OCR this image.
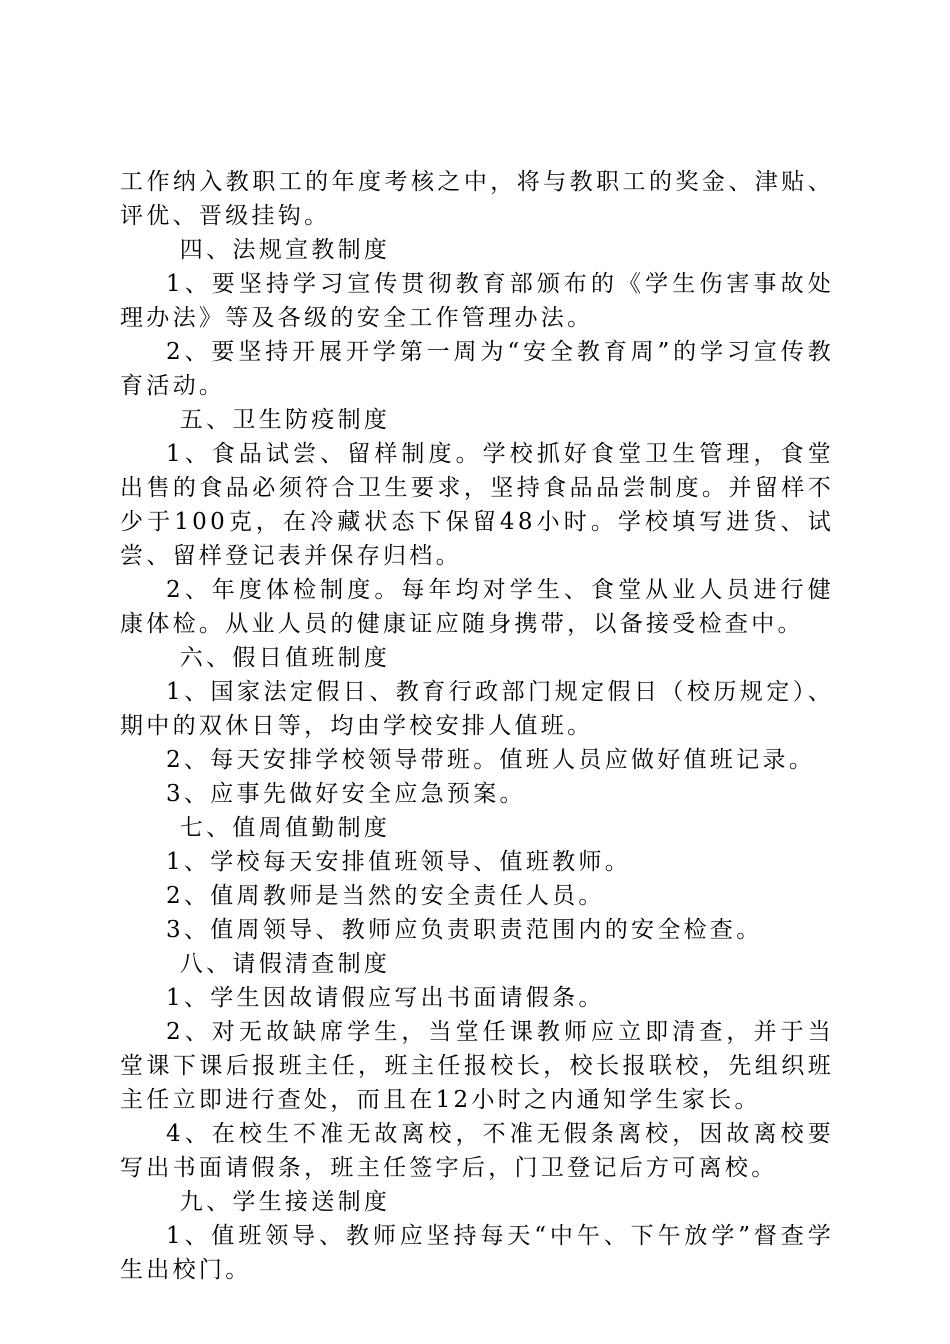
工作纳入教职工的年度考核之中，将与教职工的奖金、津贴、评优、晋级挂钩。

四、法规宣教制度

1、要坚持学习宣传贯彻教育部颁布的《学生伤害事故处理办法》等及各级的安全工作管理办法。

2、要坚持开展开学第一周为“安全教育周”的学习宣传教育活动。

五、卫生防疫制度

1、食品试尝、留样制度。学校抓好食堂卫生管理，食堂出售的食品必须符合卫生要求，坚持食品品尝制度。并留样不少于100克，在冷藏状态下保留48小时。学校填写进货、试尝、留样登记表并保存归档。

2、年度体检制度。每年均对学生、食堂从业人员进行健康体检。从业人员的健康证应随身携带，以备接受检查中。

六、假日值班制度

1、国家法定假日、教育行政部门规定假日（校历规定）、期中的双休日等，均由学校安排人值班。

2、每天安排学校领导带班。值班人员应做好值班记录。

3、应事先做好安全应急预案。

七、值周值勤制度

1、学校每天安排值班领导、值班教师。

2、值周教师是当然的安全责任人员。

3、值周领导、教师应负责职责范围内的安全检查。

八、请假清查制度

1、学生因故请假应写出书面请假条。

2、对无故缺席学生，当堂任课教师应立即清查，并于当堂课下课后报班主任，班主任报校长，校长报联校，先组织班主任立即进行查处，而且在12小时之内通知学生家长。

4、在校生不准无故离校，不准无假条离校，因故离校要写出书面请假条，班主任签字后，门卫登记后方可离校。

九、学生接送制度

1、值班领导、教师应坚持每天“中午、下午放学”督查学生出校门。
